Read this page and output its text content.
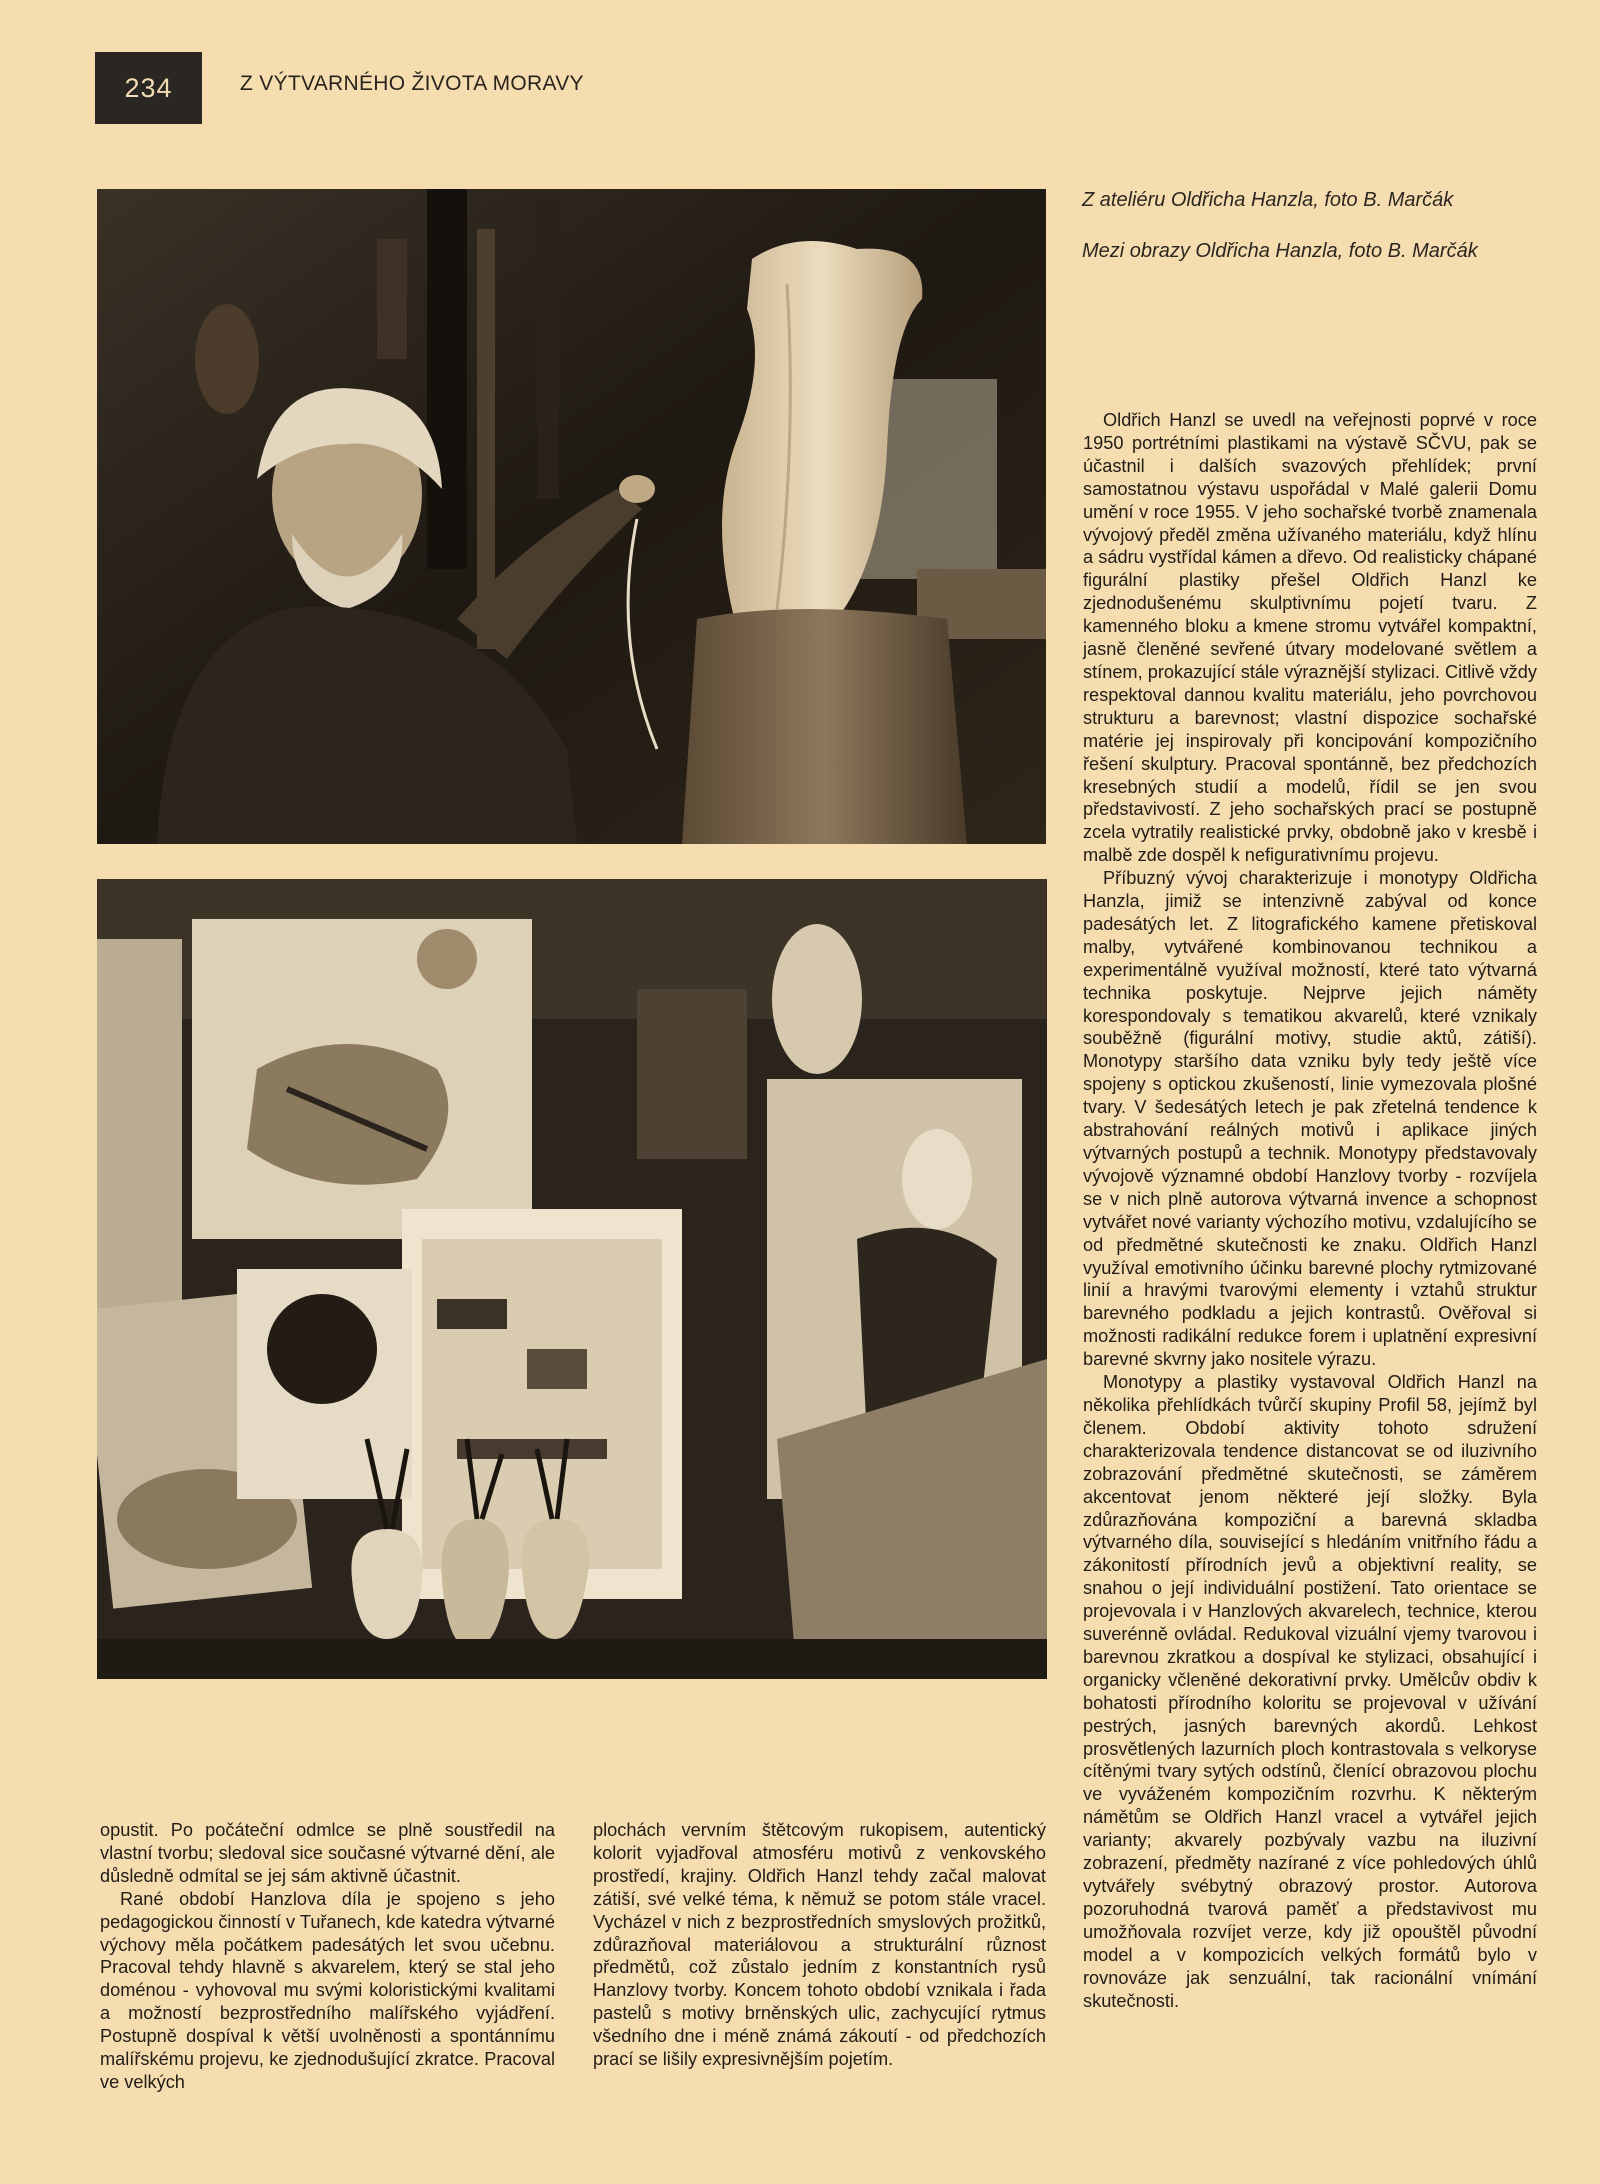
234	Z VÝTVARNÉHO ŽIVOTA MORAVY

Z ateliéru Oldřicha Hanzla, foto B. Marčák

Mezi obrazy Oldřicha Hanzla, foto B. Marčák

Oldřich Hanzl se uvedl na veřejnosti poprvé v roce 1950 portrétními plastikami na výstavě SČVU, pak se účastnil i dalších svazových přehlídek; první samostatnou výstavu uspořádal v Malé galerii Domu umění v roce 1955. V jeho sochařské tvorbě znamenala vývojový předěl změna užívaného materiálu, když hlínu a sádru vystřídal kámen a dřevo. Od realisticky chápané figurální plastiky přešel Oldřich Hanzl ke zjednodušenému skulptivnímu pojetí tvaru. Z kamenného bloku a kmene stromu vytvářel kompaktní, jasně členěné sevřené útvary modelované světlem a stínem, prokazující stále výraznější stylizaci. Citlivě vždy respektoval dannou kvalitu materiálu, jeho povrchovou strukturu a barevnost; vlastní dispozice sochařské matérie jej inspirovaly při koncipování kompozičního řešení skulptury. Pracoval spontánně, bez předchozích kresebných studií a modelů, řídil se jen svou představivostí. Z jeho sochařských prací se postupně zcela vytratily realistické prvky, obdobně jako v kresbě i malbě zde dospěl k nefigurativnímu projevu.

Příbuzný vývoj charakterizuje i monotypy Oldřicha Hanzla, jimiž se intenzivně zabýval od konce padesátých let. Z litografického kamene přetiskoval malby, vytvářené kombinovanou technikou a experimentálně využíval možností, které tato výtvarná technika poskytuje. Nejprve jejich náměty korespondovaly s tematikou akvarelů, které vznikaly souběžně (figurální motivy, studie aktů, zátiší). Monotypy staršího data vzniku byly tedy ještě více spojeny s optickou zkušeností, linie vymezovala plošné tvary. V šedesátých letech je pak zřetelná tendence k abstrahování reálných motivů i aplikace jiných výtvarných postupů a technik. Monotypy představovaly vývojově významné období Hanzlovy tvorby - rozvíjela se v nich plně autorova výtvarná invence a schopnost vytvářet nové varianty výchozího motivu, vzdalujícího se od předmětné skutečnosti ke znaku. Oldřich Hanzl využíval emotivního účinku barevné plochy rytmizované linií a hravými tvarovými elementy i vztahů struktur barevného podkladu a jejich kontrastů. Ověřoval si možnosti radikální redukce forem i uplatnění expresivní barevné skvrny jako nositele výrazu.

Monotypy a plastiky vystavoval Oldřich Hanzl na několika přehlídkách tvůrčí skupiny Profil 58, jejímž byl členem. Období aktivity tohoto sdružení charakterizovala tendence distancovat se od iluzivního zobrazování předmětné skutečnosti, se záměrem akcentovat jenom některé její složky. Byla zdůrazňována kompoziční a barevná skladba výtvarného díla, související s hledáním vnitřního řádu a zákonitostí přírodních jevů a objektivní reality, se snahou o její individuální postižení. Tato orientace se projevovala i v Hanzlových akvarelech, technice, kterou suverénně ovládal. Redukoval vizuální vjemy tvarovou i barevnou zkratkou a dospíval ke stylizaci, obsahující i organicky včleněné dekorativní prvky. Umělcův obdiv k bohatosti přírodního koloritu se projevoval v užívání pestrých, jasných barevných akordů. Lehkost prosvětlených lazurních ploch kontrastovala s velkoryse cítěnými tvary sytých odstínů, členící obrazovou plochu ve vyváženém kompozičním rozvrhu. K některým námětům se Oldřich Hanzl vracel a vytvářel jejich varianty; akvarely pozbývaly vazbu na iluzivní zobrazení, předměty nazírané z více pohledových úhlů vytvářely svébytný obrazový prostor. Autorova pozoruhodná tvarová paměť a představivost mu umožňovala rozvíjet verze, kdy již opouštěl původní model a v kompozicích velkých formátů bylo v rovnováze jak senzuální, tak racionální vnímání skutečnosti.

opustit. Po počáteční odmlce se plně soustředil na vlastní tvorbu; sledoval sice současné výtvarné dění, ale důsledně odmítal se jej sám aktivně účastnit.

Rané období Hanzlova díla je spojeno s jeho pedagogickou činností v Tuřanech, kde katedra výtvarné výchovy měla počátkem padesátých let svou učebnu. Pracoval tehdy hlavně s akvarelem, který se stal jeho doménou - vyhovoval mu svými koloristickými kvalitami a možností bezprostředního malířského vyjádření. Postupně dospíval k větší uvolněnosti a spontánnímu malířskému projevu, ke zjednodušující zkratce. Pracoval ve velkých

plochách vervním štětcovým rukopisem, autentický kolorit vyjadřoval atmosféru motivů z venkovského prostředí, krajiny. Oldřich Hanzl tehdy začal malovat zátiší, své velké téma, k němuž se potom stále vracel. Vycházel v nich z bezprostředních smyslových prožitků, zdůrazňoval materiálovou a strukturální různost předmětů, což zůstalo jedním z konstantních rysů Hanzlovy tvorby. Koncem tohoto období vznikala i řada pastelů s motivy brněnských ulic, zachycující rytmus všedního dne i méně známá zákoutí - od předchozích prací se lišily expresivnějším pojetím.
